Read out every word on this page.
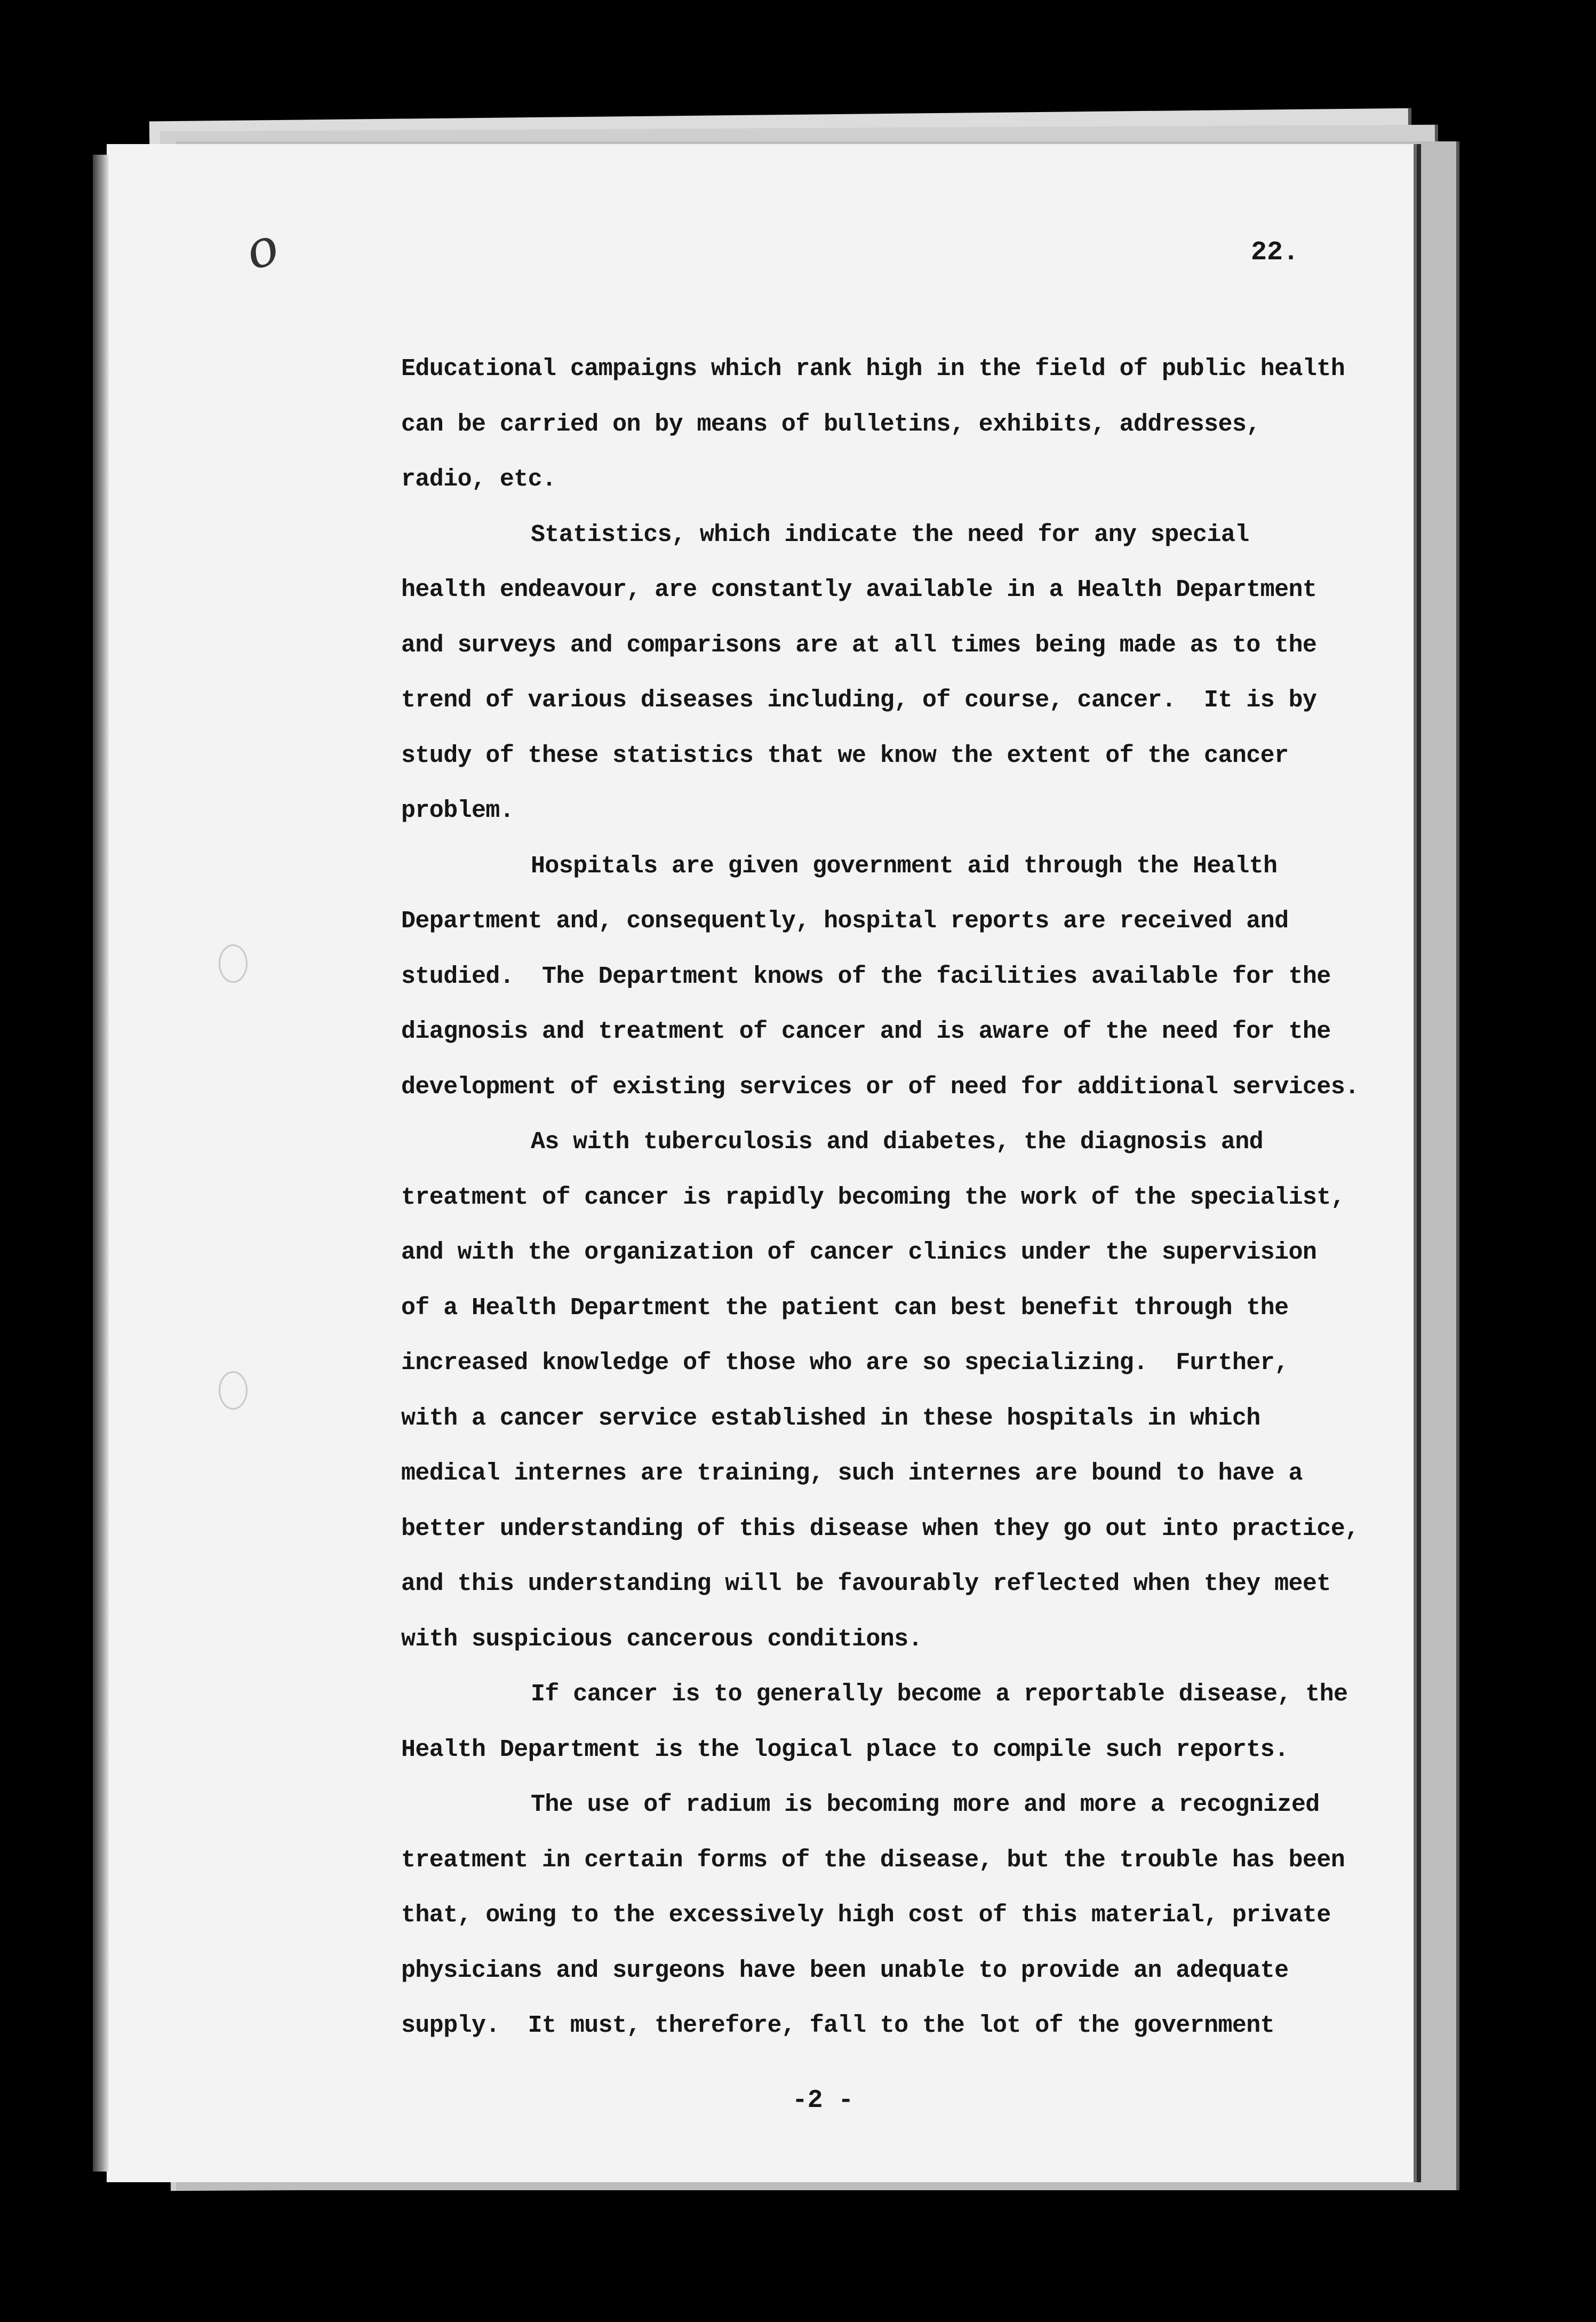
o	22.
Educational campaigns which rank high in the field of public health
can be carried on by means of bulletins, exhibits, addresses,
radio, etc.
Statistics, which indicate the need for any special
health endeavour, are constantly available in a Health Department
and surveys and comparisons are at all times being made as to the
trend of various diseases including, of course, cancer.  It is by
study of these statistics that we know the extent of the cancer
problem.
Hospitals are given government aid through the Health
Department and, consequently, hospital reports are received and
studied.  The Department knows of the facilities available for the
diagnosis and treatment of cancer and is aware of the need for the
development of existing services or of need for additional services.
As with tuberculosis and diabetes, the diagnosis and
treatment of cancer is rapidly becoming the work of the specialist,
and with the organization of cancer clinics under the supervision
of a Health Department the patient can best benefit through the
increased knowledge of those who are so specializing.  Further,
with a cancer service established in these hospitals in which
medical internes are training, such internes are bound to have a
better understanding of this disease when they go out into practice,
and this understanding will be favourably reflected when they meet
with suspicious cancerous conditions.
If cancer is to generally become a reportable disease, the
Health Department is the logical place to compile such reports.
The use of radium is becoming more and more a recognized
treatment in certain forms of the disease, but the trouble has been
that, owing to the excessively high cost of this material, private
physicians and surgeons have been unable to provide an adequate
supply.  It must, therefore, fall to the lot of the government
-2 -
